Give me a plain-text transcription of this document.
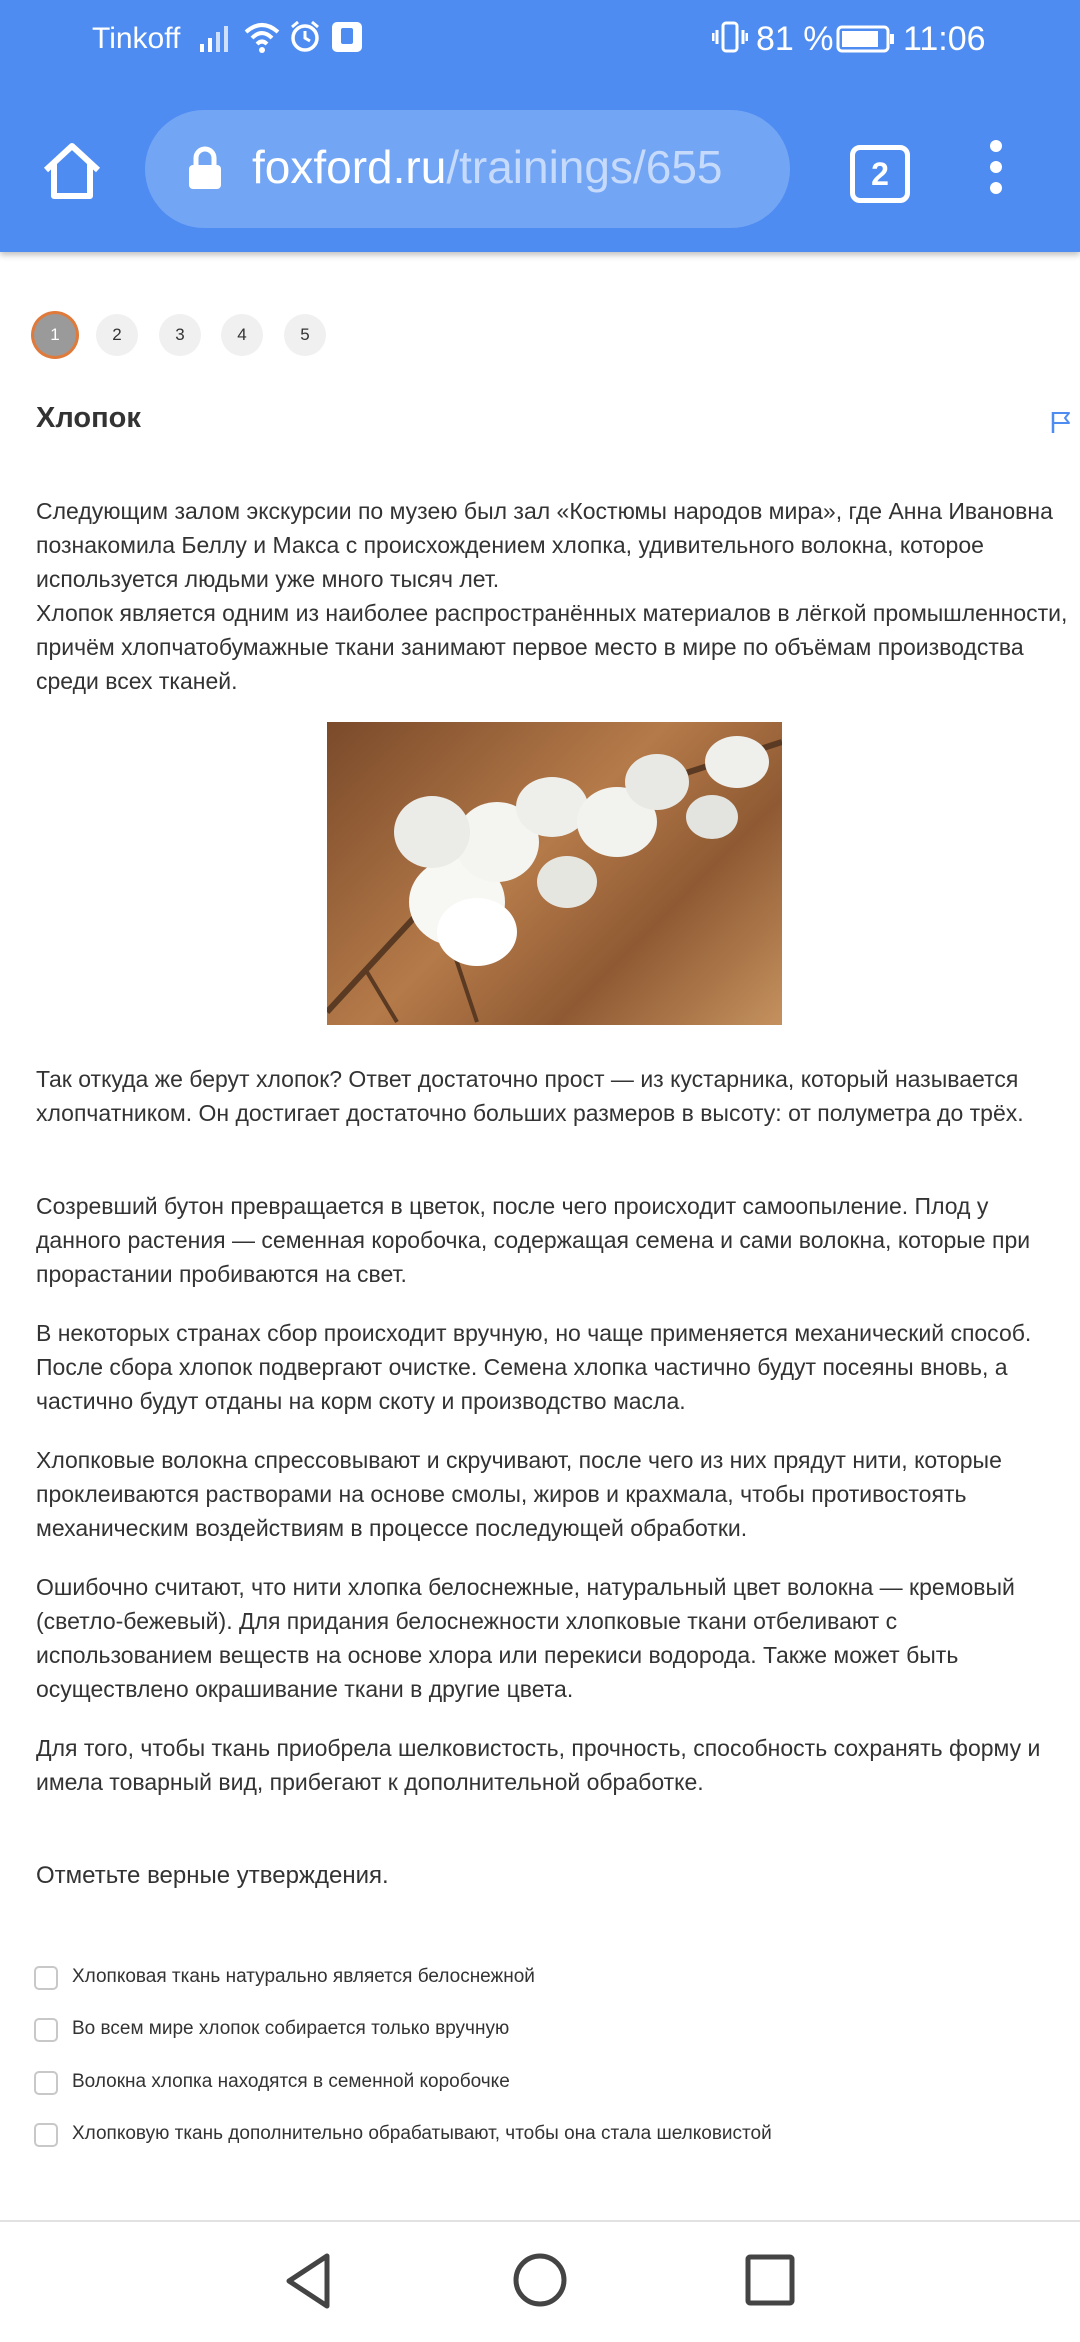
Tinkoff	81 % 11:06
foxford.ru/trainings/655	2
1	2	3	4	5
Хлопок
Следующим залом экскурсии по музею был зал «Костюмы народов мира», где Анна Ивановна познакомила Беллу и Макса с происхождением хлопка, удивительного волокна, которое используется людьми уже много тысяч лет.
Хлопок является одним из наиболее распространённых материалов в лёгкой промышленности, причём хлопчатобумажные ткани занимают первое место в мире по объёмам производства среди всех тканей.
Так откуда же берут хлопок? Ответ достаточно прост — из кустарника, который называется хлопчатником. Он достигает достаточно больших размеров в высоту: от полуметра до трёх.
Созревший бутон превращается в цветок, после чего происходит самоопыление. Плод у данного растения — семенная коробочка, содержащая семена и сами волокна, которые при прорастании пробиваются на свет.
В некоторых странах сбор происходит вручную, но чаще применяется механический способ. После сбора хлопок подвергают очистке. Семена хлопка частично будут посеяны вновь, а частично будут отданы на корм скоту и производство масла.
Хлопковые волокна спрессовывают и скручивают, после чего из них прядут нити, которые проклеиваются растворами на основе смолы, жиров и крахмала, чтобы противостоять механическим воздействиям в процессе последующей обработки.
Ошибочно считают, что нити хлопка белоснежные, натуральный цвет волокна — кремовый (светло-бежевый). Для придания белоснежности хлопковые ткани отбеливают с использованием веществ на основе хлора или перекиси водорода. Также может быть осуществлено окрашивание ткани в другие цвета.
Для того, чтобы ткань приобрела шелковистость, прочность, способность сохранять форму и имела товарный вид, прибегают к дополнительной обработке.
Отметьте верные утверждения.
Хлопковая ткань натурально является белоснежной
Во всем мире хлопок собирается только вручную
Волокна хлопка находятся в семенной коробочке
Хлопковую ткань дополнительно обрабатывают, чтобы она стала шелковистой
